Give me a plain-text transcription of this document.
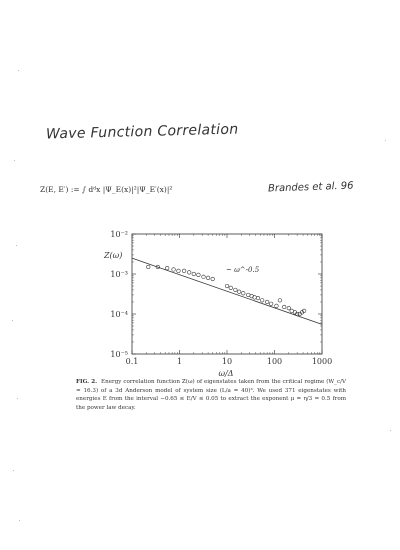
Wave Function Correlation
Z(E, E′) := ∫ dᵈx |Ψ_E(x)|²|Ψ_E′(x)|²	Brandes et al. 96
0.1	1	10	100	1000
10⁻²
10⁻³
10⁻⁴
10⁻⁵
Z(ω)
ω/Δ
~ ω^-0.5
FIG. 2. Energy correlation function Z(ω) of eigenstates taken from the critical regime (W_c/V = 16.3) of a 3d Anderson model of system size (L/a = 40)³. We used 371 eigenstates with energies E from the interval −0.65 ≤ E/V ≤ 0.05 to extract the exponent μ = η/3 = 0.5 from the power law decay.
